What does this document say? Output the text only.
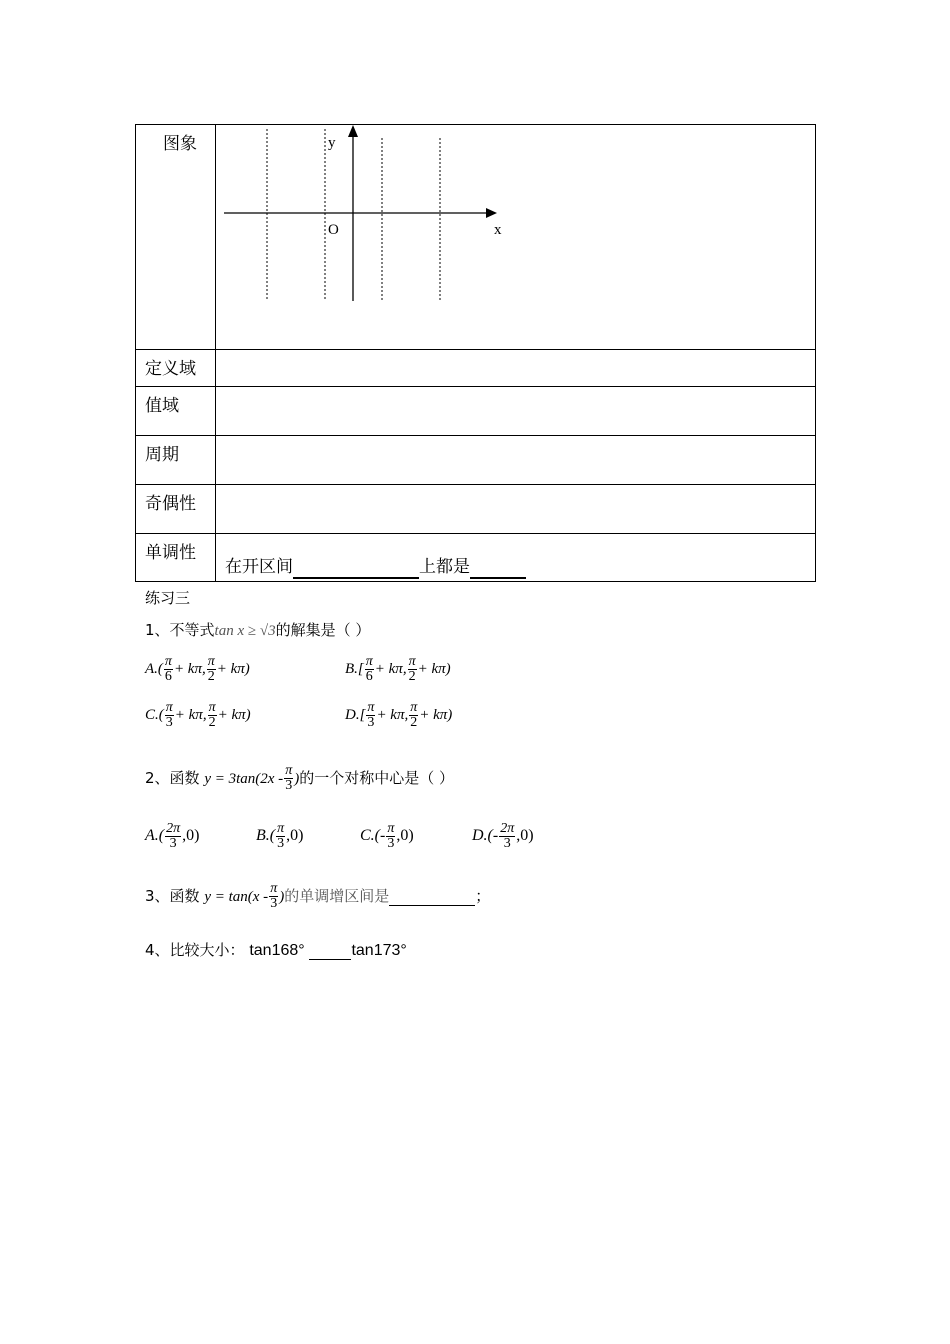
图象	y
x
O

定义域	
值域	
周期	
奇偶性	
单调性	在开区间 上都是
练习三
1、不等式tan x ≥ √3的解集是（ ）
$A.( \frac{\pi}{6} + k\pi$, $\frac{\pi}{2} + k\pi$)	$B.[ \frac{\pi}{6} + k\pi$, $\frac{\pi}{2} + k\pi$)
$C.( \frac{\pi}{3} + k\pi$, $\frac{\pi}{2} + k\pi$)	$D.[ \frac{\pi}{3} + k\pi$, $\frac{\pi}{2} + k\pi$)
2、函数 $y = 3\tan(2x - \frac{\pi}{3}$ )的一个对称中心是（ ）
$A.( \frac{2\pi}{3} ,0)$	$B.( \frac{\pi}{3} ,0)$	$C.(- \frac{\pi}{3} ,0)$	$D.(- \frac{2\pi}{3} ,0)$
3、函数 $y = \tan(x - \frac{\pi}{3}$ )的单调增区间是	；
4、比较大小： tan168°	tan173°
